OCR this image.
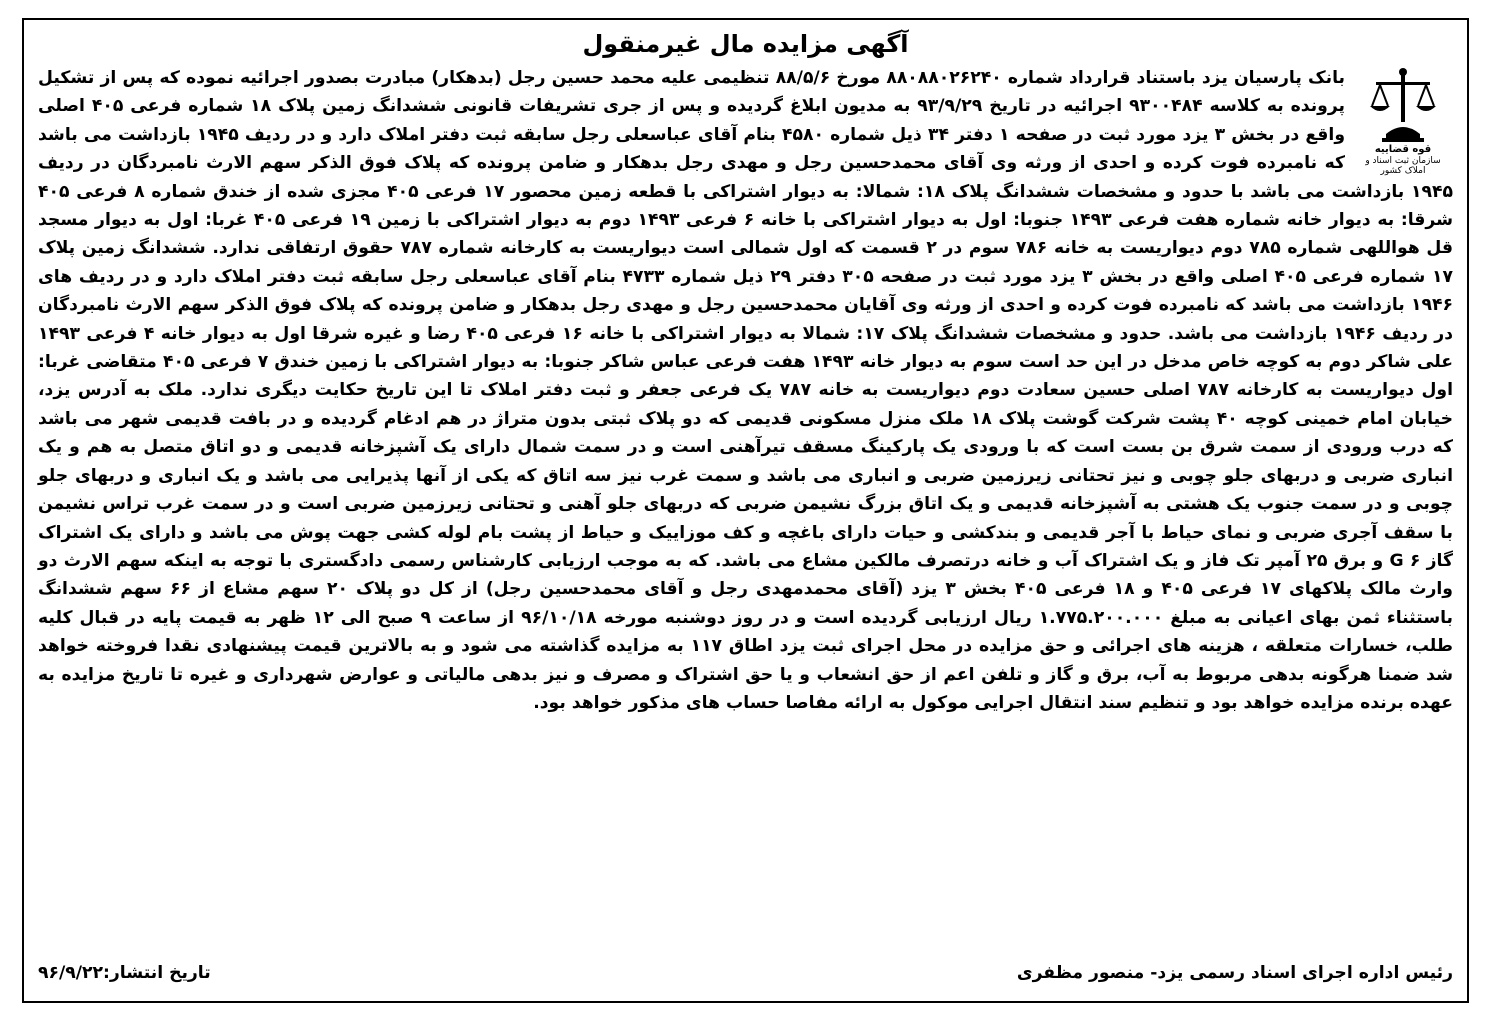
آگهی مزایده مال غیرمنقول
قوه قضاییه
سازمان ثبت اسناد و املاک کشور
بانک پارسیان یزد باستناد قرارداد شماره ۸۸۰۸۸۰۲۶۲۴۰ مورخ ۸۸/۵/۶ تنظیمی علیه محمد حسین رجل (بدهکار) مبادرت بصدور اجرائیه نموده که پس از تشکیل پرونده به کلاسه ۹۳۰۰۴۸۴ اجرائیه در تاریخ ۹۳/۹/۲۹ به مدیون ابلاغ گردیده و پس از جری تشریفات قانونی ششدانگ زمین پلاک ۱۸ شماره فرعی ۴۰۵ اصلی واقع در بخش ۳ یزد مورد ثبت در صفحه ۱ دفتر ۳۴ ذیل شماره ۴۵۸۰ بنام آقای عباسعلی رجل سابقه ثبت دفتر املاک دارد و در ردیف ۱۹۴۵ بازداشت می باشد که نامبرده فوت کرده و احدی از ورثه وی آقای محمدحسین رجل و مهدی رجل بدهکار و ضامن پرونده که پلاک فوق الذکر سهم الارث نامبردگان در ردیف ۱۹۴۵ بازداشت می باشد با حدود و مشخصات ششدانگ پلاک ۱۸: شمالا: به دیوار اشتراکی با قطعه زمین محصور ۱۷ فرعی ۴۰۵ مجزی شده از خندق شماره ۸ فرعی ۴۰۵ شرقا: به دیوار خانه شماره هفت فرعی ۱۴۹۳ جنوبا: اول به دیوار اشتراکی با خانه ۶ فرعی ۱۴۹۳ دوم به دیوار اشتراکی با زمین ۱۹ فرعی ۴۰۵ غربا: اول به دیوار مسجد قل هواللهی شماره ۷۸۵ دوم دیواریست به خانه ۷۸۶ سوم در ۲ قسمت که اول شمالی است دیواریست به کارخانه شماره ۷۸۷ حقوق ارتفاقی ندارد. ششدانگ زمین پلاک ۱۷ شماره فرعی ۴۰۵ اصلی واقع در بخش ۳ یزد مورد ثبت در صفحه ۳۰۵ دفتر ۲۹ ذیل شماره ۴۷۳۳ بنام آقای عباسعلی رجل سابقه ثبت دفتر املاک دارد و در ردیف های ۱۹۴۶ بازداشت می باشد که نامبرده فوت کرده و احدی از ورثه وی آقایان محمدحسین رجل و مهدی رجل بدهکار و ضامن پرونده که پلاک فوق الذکر سهم الارث نامبردگان در ردیف ۱۹۴۶ بازداشت می باشد. حدود و مشخصات ششدانگ پلاک ۱۷: شمالا به دیوار اشتراکی با خانه ۱۶ فرعی ۴۰۵ رضا و غیره شرقا اول به دیوار خانه ۴ فرعی ۱۴۹۳ علی شاکر دوم به کوچه خاص مدخل در این حد است سوم به دیوار خانه ۱۴۹۳ هفت فرعی عباس شاکر جنوبا: به دیوار اشتراکی با زمین خندق ۷ فرعی ۴۰۵ متقاضی غربا: اول دیواریست به کارخانه ۷۸۷ اصلی حسین سعادت دوم دیواریست به خانه ۷۸۷ یک فرعی جعفر و ثبت دفتر املاک تا این تاریخ حکایت دیگری ندارد. ملک به آدرس یزد، خیابان امام خمینی کوچه ۴۰ پشت شرکت گوشت پلاک ۱۸ ملک منزل مسکونی قدیمی که دو پلاک ثبتی بدون متراژ در هم ادغام گردیده و در بافت قدیمی شهر می باشد که درب ورودی از سمت شرق بن بست است که با ورودی یک پارکینگ مسقف تیرآهنی است و در سمت شمال دارای یک آشپزخانه قدیمی و دو اتاق متصل به هم و یک انباری ضربی و دربهای جلو چوبی و نیز تحتانی زیرزمین ضربی و انباری می باشد و سمت غرب نیز سه اتاق که یکی از آنها پذیرایی می باشد و یک انباری و دربهای جلو چوبی و در سمت جنوب یک هشتی به آشپزخانه قدیمی و یک اتاق بزرگ نشیمن ضربی که دربهای جلو آهنی و تحتانی زیرزمین ضربی است و در سمت غرب تراس نشیمن با سقف آجری ضربی و نمای حیاط با آجر قدیمی و بندکشی و حیات دارای باغچه و کف موزاییک و حیاط از پشت بام لوله کشی جهت پوش می باشد و دارای یک اشتراک گاز G ۶ و برق ۲۵ آمپر تک فاز و یک اشتراک آب و خانه درتصرف مالکین مشاع می باشد. که به موجب ارزیابی کارشناس رسمی دادگستری با توجه به اینکه سهم الارث دو وارث مالک پلاکهای ۱۷ فرعی ۴۰۵ و ۱۸ فرعی ۴۰۵ بخش ۳ یزد (آقای محمدمهدی رجل و آقای محمدحسین رجل) از کل دو پلاک ۲۰ سهم مشاع از ۶۶ سهم ششدانگ باستثناء ثمن بهای اعیانی به مبلغ ۱.۷۷۵.۲۰۰.۰۰۰ ریال ارزیابی گردیده است و در روز دوشنبه مورخه ۹۶/۱۰/۱۸ از ساعت ۹ صبح الی ۱۲ ظهر به قیمت پایه در قبال کلیه طلب، خسارات متعلقه ، هزینه های اجرائی و حق مزایده در محل اجرای ثبت یزد اطاق ۱۱۷ به مزایده گذاشته می شود و به بالاترین قیمت پیشنهادی نقدا فروخته خواهد شد ضمنا هرگونه بدهی مربوط به آب، برق و گاز و تلفن اعم از حق انشعاب و یا حق اشتراک و مصرف و نیز بدهی مالیاتی و عوارض شهرداری و غیره تا تاریخ مزایده به عهده برنده مزایده خواهد بود و تنظیم سند انتقال اجرایی موکول به ارائه مفاصا حساب های مذکور خواهد بود.
رئیس اداره اجرای اسناد رسمی یزد- منصور مظفری
تاریخ انتشار:۹۶/۹/۲۲
